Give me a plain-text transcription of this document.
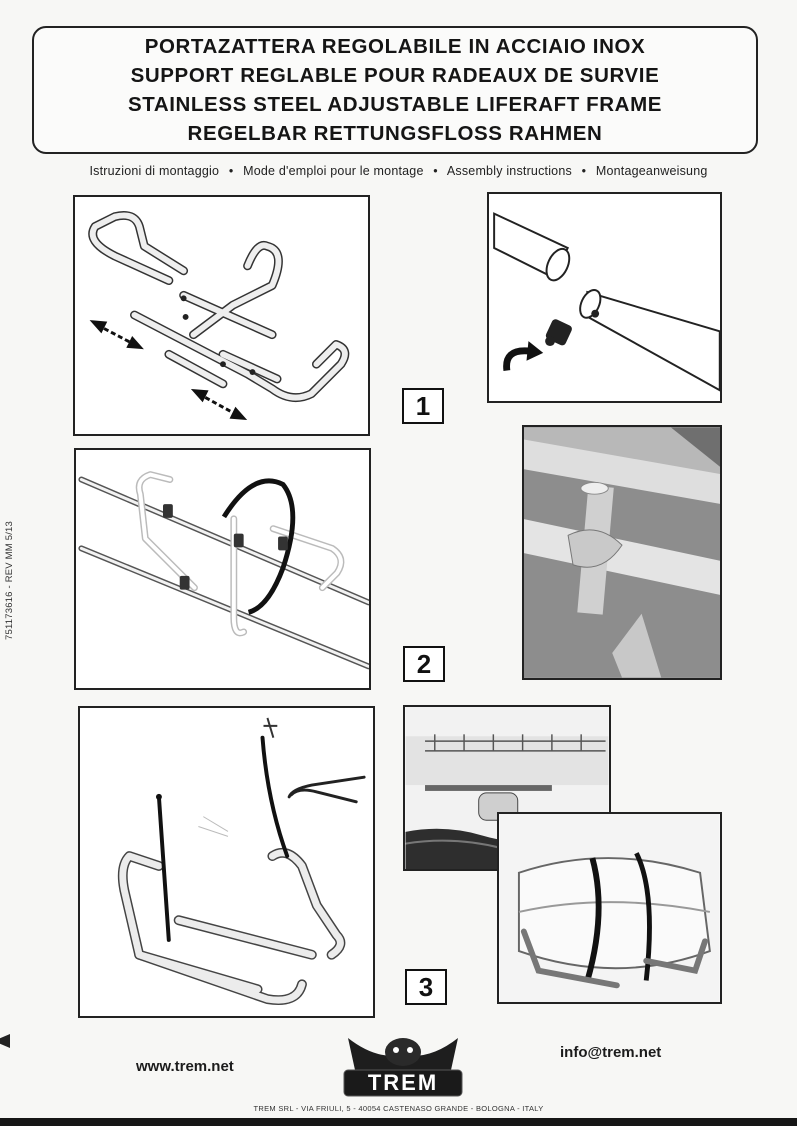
PORTAZATTERA REGOLABILE IN ACCIAIO INOX
SUPPORT REGLABLE POUR RADEAUX DE SURVIE
STAINLESS STEEL ADJUSTABLE LIFERAFT FRAME
REGELBAR RETTUNGSFLOSS RAHMEN
Istruzioni di montaggio • Mode d'emploi pour le montage • Assembly instructions • Montageanweisung
751173616 - REV MM 5/13
1
2
3
www.trem.net
TREM
info@trem.net
TREM SRL - VIA FRIULI, 5 - 40054 CASTENASO GRANDE - BOLOGNA - ITALY
